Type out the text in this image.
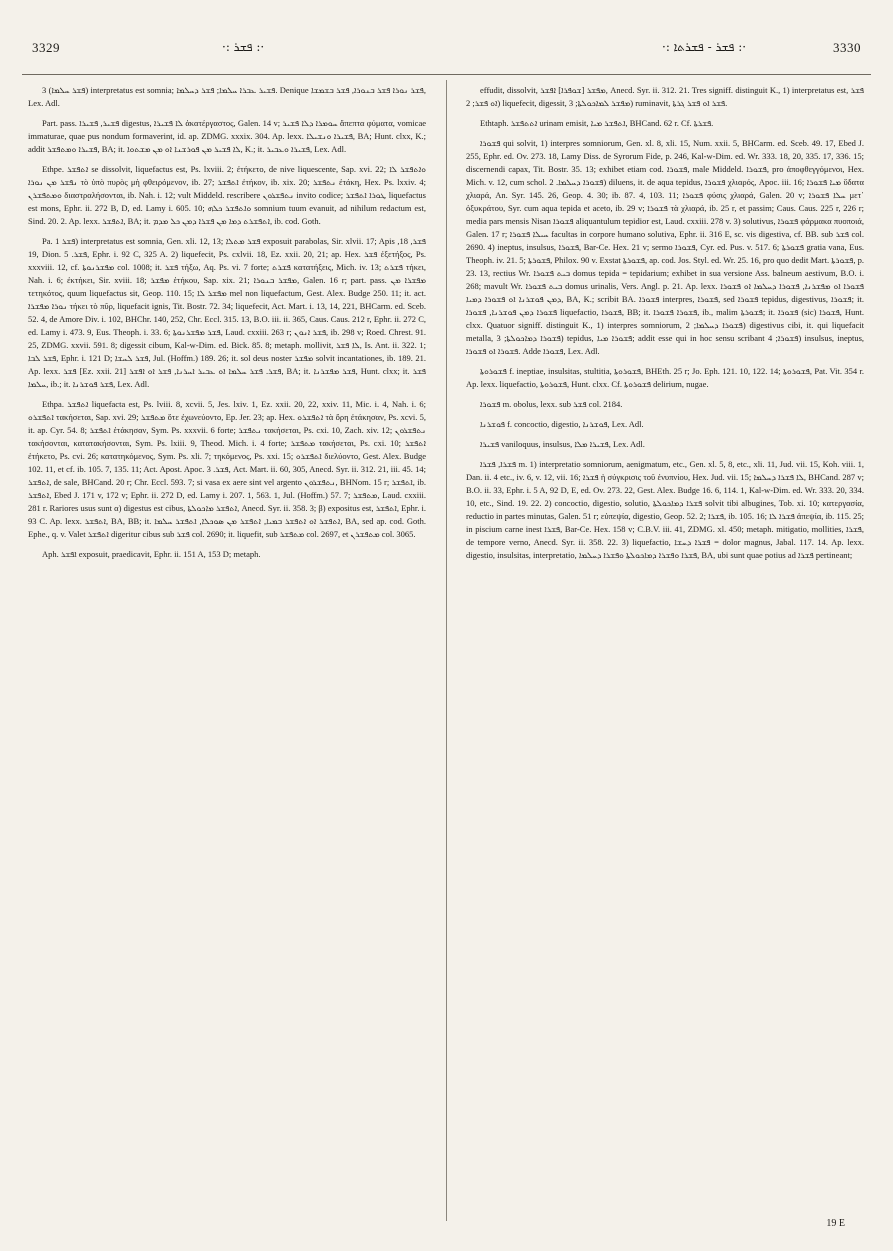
3329	·: ܦܫܪ :·	·: ܦܫܪ - ܦܫܪܬܐ :·	3330

ܦܫܪ ܚܠܡܐ) 3) interpretatus est somnia; ܦܫܝܪ ܥܒܪܐ ܚܠܡܐ; ܦܫܪ ܕܚܠܡܐ. Denique ܦܫܪ ܢܘܪܐ ܦܫܪ ܒܢܘܪܐ, ܦܫܪ ܒܫܡܫܐ, Lex. Adl.

Part. pass. ܦܫܝܪ, ܦܫܝܪܐ digestus, ܠܐ ܦܫܝܪܐ ἀκατέργαστος, Galen. 14 v; ܚܘܡܪܐ ܕܠܐ ܦܫܝܪ ἄπεπτα φύματα, vomicae immaturae, quae pus nondum formaverint, id. ap. ZDMG. xxxix. 304. Ap. lexx. ܦܫܝܪܐ ܘܢܫܝܠܐ, BA; Hunt. clxx, K.; addit ܦܫܝܪܐ ܘܡܬܦܫܪ, BA; it. ܠܐ ܦܫܝܪ ܡܢ ܦܘܪܫܢܐ ܐܘ ܡܢ ܡܫܬܘܐ, K.; it. ܦܫܝܪܐ ܘܥܒܝܪ, Lex. Adl.

Ethpe. ܐܬܦܫܪ se dissolvit, liquefactus est, Ps. lxviii. 2; ἐτήκετο, de nive liquescente, Sap. xvi. 22; ܘܐܬܦܫܪ ܠܐ ܢܦܫܪ ܡܢ ܢܘܪܐ τὸ ὑπὸ πυρὸς μὴ φθειρόμενον, ib. 27; ܐܬܦܫܪ ἐτήκον, ib. xix. 20; ܢܬܦܫܪ ἐτάκη, Hex. Ps. lxxiv. 4; ܘܡܬܦܫܪܢ διαστραλήσονται, ib. Nah. i. 12; vult Middeld. rescribere ܢܬܦܫܪܘܢ invito codice; ܛܘܪܐ ܐܬܦܫܪ liquefactus est mons, Ephr. ii. 272 B, D, ed. Lamy i. 605. 10; ܘܐܬܦܫܪ ܟܠܗ somnium tuum evanuit, ad nihilum redactum est, Sind. 20. 2. Ap. lexx. ܐܬܦܫܪ, BA; it. ܐܬܦܫܪܬ ܕܡܐ ܡܢ ܦܫܪܐ ܕܡܢ ܟܠ ܡܕܡ, ib. cod. Goth.

Pa. ܦܫܪ 1) interpretatus est somnia, Gen. xli. 12, 13; ܦܫܪ ܡܬܠܐ exposuit parabolas, Sir. xlvii. 17; Apis ܦܫܪ, 18, 19, Dion. ܦܫܪ. 5, Ephr. i. 92 C, 325 A. 2) liquefecit, Ps. cxlvii. 18, Ez. xxii. 20, 21; ap. Hex. ܦܫܪ ἐξετήξος, Ps. xxxviii. 12, cf. ܡܦܫܪܢܘܬܐ col. 1008; it. ܦܫܪ τήξω, Aq. Ps. vi. 7 forte; ܦܫܪܬ κατατήξεις, Mich. iv. 13; ܦܫܪܬ τήκει, Nah. i. 6; ἐκτήκει, Sir. xviii. 18; ܡܦܫܪ ἐτήκου, Sap. xix. 21; ܡܦܫܪ ܒܢܘܪܐ, Galen. 16 r; part. pass. ܡܦܫܪܐ ܡܢ τετηκότος, quum liquefactus sit, Geop. 110. 15; ܡܦܫܪ ܠܐ mel non liquefactum, Gest. Alex. Budge 250. 11; it. act. ܢܘܪܐ ܡܦܫܪܐ τήκει τὸ πῦρ, liquefacit ignis, Tit. Bostr. 72. 34; liquefecit, Act. Mart. i. 13, 14, 221, BHCarm. ed. Sceb. 52. 4, de Amore Div. i. 102, BHChr. 140, 252, Chr. Eccl. 315. 13, B.O. iii. ii. 365, Caus. Caus. 212 r, Ephr. ii. 272 C, ed. Lamy i. 473. 9, Eus. Theoph. i. 33. 6; ܦܫܪ ܡܦܫܪܢܘܬܐ, Laud. cxxiii. 263 r; ܦܫܪ ܐܢܘܢ, ib. 298 v; Roed. Chrest. 91. 25, ZDMG. xxvii. 591. 8; digessit cibum, Kal-w-Dim. ed. Bick. 85. 8; metaph. mollivit, ܠܐ ܦܫܪ, Is. Ant. ii. 322. 1; ܦܫܪ ܠܒܐ, Ephr. i. 121 D; ܦܫܪ ܠܚܫܐ, Jul. (Hoffm.) 189. 26; it. sol deus noster ܡܦܫܪ solvit incantationes, ib. 189. 21. Ap. lexx. ܦܫܪ [Ez. xxii. 21] ܦܫܪ. ܦܫܪ ܚܠܡܐ ܐܘ ܥܒܝܪ ܐܚܪܢܐ, ܦܫܪ ܐܘ ܐܦܫܪ, BA; it. ܦܫܪ ܡܦܫܪܢܐ, Hunt. clxx; it. ܦܫܪ ܚܠܡܐ, ib.; it. ܦܫܪ ܦܘܫܪܢܐ, Lex. Adl.

Ethpa. ܐܬܦܫܪ liquefacta est, Ps. lviii. 8, xcvii. 5, Jes. lxiv. 1, Ez. xxii. 20, 22, xxiv. 11, Mic. i. 4, Nah. i. 6; ܐܬܦܫܪܘ τακήσεται, Sap. xvi. 29; ܡܬܦܫܪ ὅτε ἐχωνεύοντο, Ep. Jer. 23; ap. Hex. ܐܬܦܫܪܘ τὰ ὄρη ἐτάκησαν, Ps. xcvi. 5, it. ap. Cyr. 54. 8; ܐܬܦܫܪ ἐτάκησαν, Sym. Ps. xxxvii. 6 forte; ܢܬܦܫܪ τακήσεται, Ps. cxi. 10, Zach. xiv. 12; ܢܬܦܫܪܘܢ τακήσονται, κατατακήσονται, Sym. Ps. lxiii. 9, Theod. Mich. i. 4 forte; ܡܬܦܫܪ τακήσεται, Ps. cxi. 10; ܐܬܦܫܪ ἐτήκετο, Ps. cvi. 26; κατατηκόμενος, Sym. Ps. xli. 7; τηκόμενος, Ps. xxi. 15; ܐܬܦܫܪܘ διελύοντο, Gest. Alex. Budge 102. 11, et cf. ib. 105. 7, 135. 11; Act. Apost. Apoc. ܦܫܪ. 3, Act. Mart. ii. 60, 305, Anecd. Syr. ii. 312. 21, iii. 45. 14; ܐܬܦܫܪ, de sale, BHCand. 20 r; Chr. Eccl. 593. 7; si vasa ex aere sint vel argento ܢܬܦܫܪܘܢ, BHNom. 15 r; ܐܬܦܫܪ, ib. ܐܬܦܫܪ, Ebed J. 171 v, 172 v; Ephr. ii. 272 D, ed. Lamy i. 207. 1, 563. 1, Jul. (Hoffm.) 57. 7; ܡܬܦܫܪ, Laud. cxxiii. 281 r. Rariores usus sunt α) digestus est cibus, ܐܬܦܫܪ ܡܐܟܘܠܬܐ, Anecd. Syr. ii. 358. 3; β) expositus est, ܐܬܦܫܪ, Ephr. i. 93 C. Ap. lexx. ܐܬܦܫܪ, BA, BB; it. ܐܬܦܫܪ ܐܘ ܐܬܦܫܪ ܒܡܝܐ, ܐܬܦܫܪ ܡܢ ܣܘܟܠܐ, ܐܬܦܫܪ ܚܠܡܐ, BA, sed ap. cod. Goth. Ephe., q. v. Valet ܐܬܦܫܪ digeritur cibus sub ܦܫܪ col. 2690; it. liquefit, sub ܡܬܦܫܪ col. 2697, et ܡܬܦܫܪܢ col. 3065.

Aph. ܐܦܫܪ exposuit, praedicavit, Ephr. ii. 151 A, 153 D; metaph.

effudit, dissolvit, ܡܦܫܪ [ܫܘܦܪܐ] ܐܦܫܪ, Anecd. Syr. ii. 312. 21. Tres signiff. distinguit K., 1) interpretatus est, ܦܫܪ ܐܘ ܦܫܪ; 2) liquefecit, digessit, ܡܦܫܪ ܠܡܐܟܘܠܬܐ; 3) ruminavit, ܦܫܪ ܐܘ ܦܫܪ ܓܪܬܐ.

Ethtaph. ܐܬܬܦܫܪ urinam emisit, ܐܬܦܫܪ ܡܝܐ, BHCand. 62 r. Cf. ܦܫܪܬܐ.

ܦܫܘܪܐ qui solvit, 1) interpres somniorum, Gen. xl. 8, xli. 15, Num. xxii. 5, BHCarm. ed. Sceb. 49. 17, Ebed J. 255, Ephr. ed. Ov. 273. 18, Lamy Diss. de Syrorum Fide, p. 246, Kal-w-Dim. ed. Wr. 333. 18, 20, 335. 17, 336. 15; discernendi capax, Tit. Bostr. 35. 13; exhibet etiam cod. ܦܫܘܪܐ, male Middeld. ܦܫܘܪܐ, pro ἀποφθεγγόμενοι, Hex. Mich. v. 12, cum schol. ܦܫܘܪܐ ܕܚܠܡܐ. 2) diluens, it. de aqua tepidus, ܦܫܘܪܐ χλιαρός, Apoc. iii. 16; ܡܝܐ ܦܫܘܪܐ ὕδατα χλιαρά, An. Syr. 145. 26, Geop. 4. 30; ib. 87. 4, 103. 11; ܦܫܘܪܐ φύσις χλιαρά, Galen. 20 v; ܚܠܐ ܦܫܘܪܐ μετ᾽ ὀξυκράτου, Syr. cum aqua tepida et aceto, ib. 29 v; ܦܫܘܪܐ τὰ χλιαρά, ib. 25 r, et passim; Caus. Caus. 225 r, 226 r; media pars mensis Nisan ܦܫܘܪܐ aliquantulum tepidior est, Laud. cxxiii. 278 v. 3) solutivus, ܦܫܘܪܐ φάρμακα πυοποιά, Galen. 17 r; ܚܝܠܐ ܦܫܘܪܐ facultas in corpore humano solutiva, Ephr. ii. 316 E, sc. vis digestiva, cf. BB. sub ܦܫܪ col. 2690. 4) ineptus, insulsus, ܦܫܘܪܐ, Bar-Ce. Hex. 21 v; sermo ܦܫܘܪܐ, Cyr. ed. Pus. v. 517. 6; ܦܫܘܪܬܐ gratia vana, Eus. Theoph. iv. 21. 5; ܦܫܘܪܬܐ, Philox. 90 v. Exstat ܦܫܘܪܬܐ, ap. cod. Jos. Styl. ed. Wr. 25. 16, pro quo dedit Mart. ܦܫܘܪܬܐ, p. 23. 13, rectius Wr. ܒܝܬ ܦܫܘܪܐ domus tepida = tepidarium; exhibet in sua versione Ass. balneum aestivum, B.O. i. 268; mavult Wr. ܒܝܬ ܦܫܘܪܐ domus urinalis, Vers. Angl. p. 21. Ap. lexx. ܦܫܘܪܐ ܐܘ ܡܦܫܪܢܐ, ܦܫܘܪܐ ܕܚܠܡܐ ܐܘ ܦܫܘܪܐ ܕܡܢ ܦܘܫܪܢܐ ܐܘ ܦܫܘܪܐ ܕܡܝܐ, BA, K.; scribit BA. ܦܫܘܪܐ interpres, ܦܫܘܪܐ, sed ܦܫܘܪܐ tepidus, digestivus, ܦܫܘܪܐ; it. ܦܫܘܪܐ ܕܡܢ ܦܘܫܪܢܐ, ܦܫܘܪܐ liquefactio, ܦܫܘܪܐ, BB; it. ܦܫܘܪܐ ܦܫܘܪܐ, ib., malim ܦܫܘܪܬܐ; it. ܦܫܘܪܐ (sic) ܦܫܘܪܐ, Hunt. clxx. Quatuor signiff. distinguit K., 1) interpres somniorum, ܦܫܘܪܐ ܕܚܠܡܐ; 2) digestivus cibi, it. qui liquefacit metalla, ܦܫܘܪܐ ܕܡܐܟܘܠܬܐ; 3) tepidus, ܦܫܘܪܐ ܡܝܐ; addit esse qui in hoc sensu scribant ܦܫܘܪܐ; 4) insulsus, ineptus, ܦܫܘܪܐ ܐܘ ܦܫܘܪܐ. Adde ܦܫܘܪܐ, Lex. Adl.

ܦܫܘܪܘܬܐ f. ineptiae, insulsitas, stultitia, ܦܫܘܪܘܬܐ, BHEth. 25 r; Jo. Eph. 121. 10, 122. 14; ܦܫܘܪܘܬܐ, Pat. Vit. 354 r. Ap. lexx. liquefactio, ܦܫܘܪܘܬܐ, Hunt. clxx. Cf. ܦܫܘܪܘܬܐ delirium, nugae.

ܦܫܘܪܐ m. obolus, lexx. sub ܦܫܪ col. 2184.

ܦܘܫܪܢܐ f. concoctio, digestio, ܦܘܫܪܢܐ, Lex. Adl.

ܦܫܝܪܐ vaniloquus, insulsus, ܦܫܝܪܐ ܡܠܐ, Lex. Adl.

ܦܫܪܐ, ܦܫܪܐ m. 1) interpretatio somniorum, aenigmatum, etc., Gen. xl. 5, 8, etc., xli. 11, Jud. vii. 15, Koh. viii. 1, Dan. ii. 4 etc., iv. 6, v. 12, vii. 16; ܦܫܪܐ ἡ σύγκρισις τοῦ ἐνυπνίου, Hex. Jud. vii. 15; ܠܐ ܦܫܪܐ ܕܚܠܡܐ, BHCand. 287 v; B.O. ii. 33, Ephr. i. 5 A, 92 D, E, ed. Ov. 273. 22, Gest. Alex. Budge 16. 6, 114. 1, Kal-w-Dim. ed. Wr. 333. 20, 334. 10, etc., Sind. 19. 22. 2) concoctio, digestio, solutio, ܦܫܪܐ ܕܡܐܟܘܠܬܐ solvit tibi albugines, Tob. xi. 10; κατεργασία, reductio in partes minutas, Galen. 51 r; εὐπεψία, digestio, Geop. 52. 2; ܦܫܪܐ, ib. 105. 16; ܦܫܪܐ ܠܐ ἀπεψία, ib. 115. 25; in piscium carne inest ܦܫܪܐ, Bar-Ce. Hex. 158 v; C.B.V. iii. 41, ZDMG. xl. 450; metaph. mitigatio, mollities, ܦܫܪܐ, de tempore verno, Anecd. Syr. ii. 358. 22. 3) liquefactio, ܦܫܪܐ ܕܚܫܐ = dolor magnus, Jabal. 117. 14. Ap. lexx. digestio, insulsitas, interpretatio, ܦܫܪܐ ܘܦܫܪܐ ܕܡܐܟܘܠܬܐ ܘܦܫܪܐ ܕܚܠܡܐ, BA, ubi sunt quae potius ad ܦܫܪܐ pertineant;

19 E
